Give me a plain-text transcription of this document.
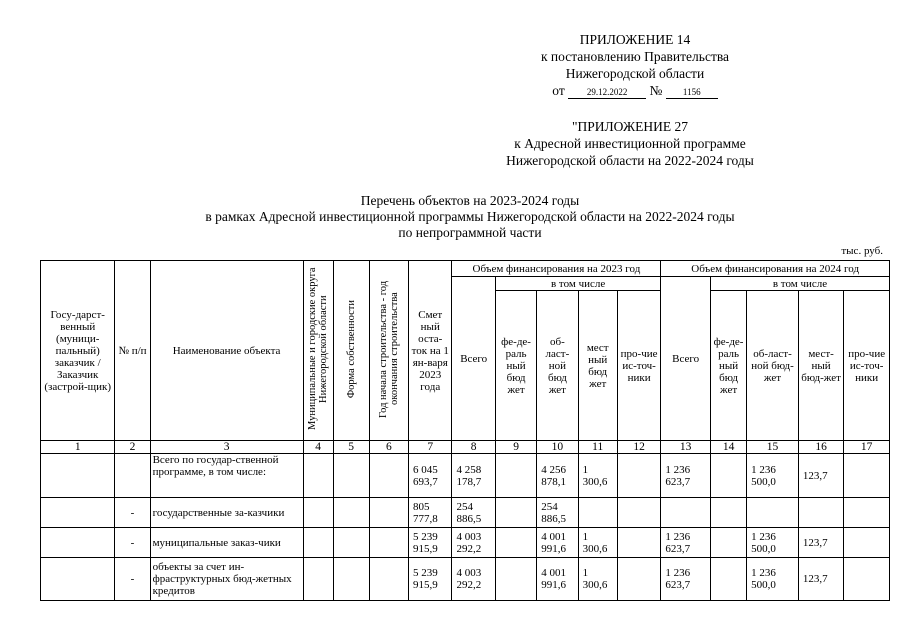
ПРИЛОЖЕНИЕ 14
к постановлению Правительства
Нижегородской области
от 29.12.2022 № 1156
"ПРИЛОЖЕНИЕ 27
к Адресной инвестиционной программе
Нижегородской области на 2022-2024 годы
Перечень объектов на 2023-2024 годы
в рамках Адресной инвестиционной программы Нижегородской области на 2022-2024 годы
по непрограммной части
тыс. руб.
Госу-дарст-венный (муници-пальный) заказчик / Заказчик (застрой-щик)	№ п/п	Наименование объекта	Муниципальные и городские округа Нижегородской области	Форма собственности	Год начала строительства - год окончания строительства	Смет ный оста-ток на 1 ян-варя 2023 года	Объем финансирования на 2023 год					Объем финансирования на 2024 год				
							Всего	в том числе				Всего	в том числе			
								фе-де-раль ный бюд жет	об-ласт-ной бюд жет	мест ный бюд жет	про-чие ис-точ-ники		фе-де-раль ный бюд жет	об-ласт-ной бюд-жет	мест-ный бюд-жет	про-чие ис-точ-ники
1	2	3	4	5	6	7	8	9	10	11	12	13	14	15	16	17
		Всего по государ-ственной программе, в том числе:				6 045 693,7	4 258 178,7		4 256 878,1	1 300,6		1 236 623,7		1 236 500,0	123,7	
	-	государственные за-казчики				805 777,8	254 886,5		254 886,5							
	-	муниципальные заказ-чики				5 239 915,9	4 003 292,2		4 001 991,6	1 300,6		1 236 623,7		1 236 500,0	123,7	
	-	объекты за счет ин-фраструктурных бюд-жетных кредитов				5 239 915,9	4 003 292,2		4 001 991,6	1 300,6		1 236 623,7		1 236 500,0	123,7	
